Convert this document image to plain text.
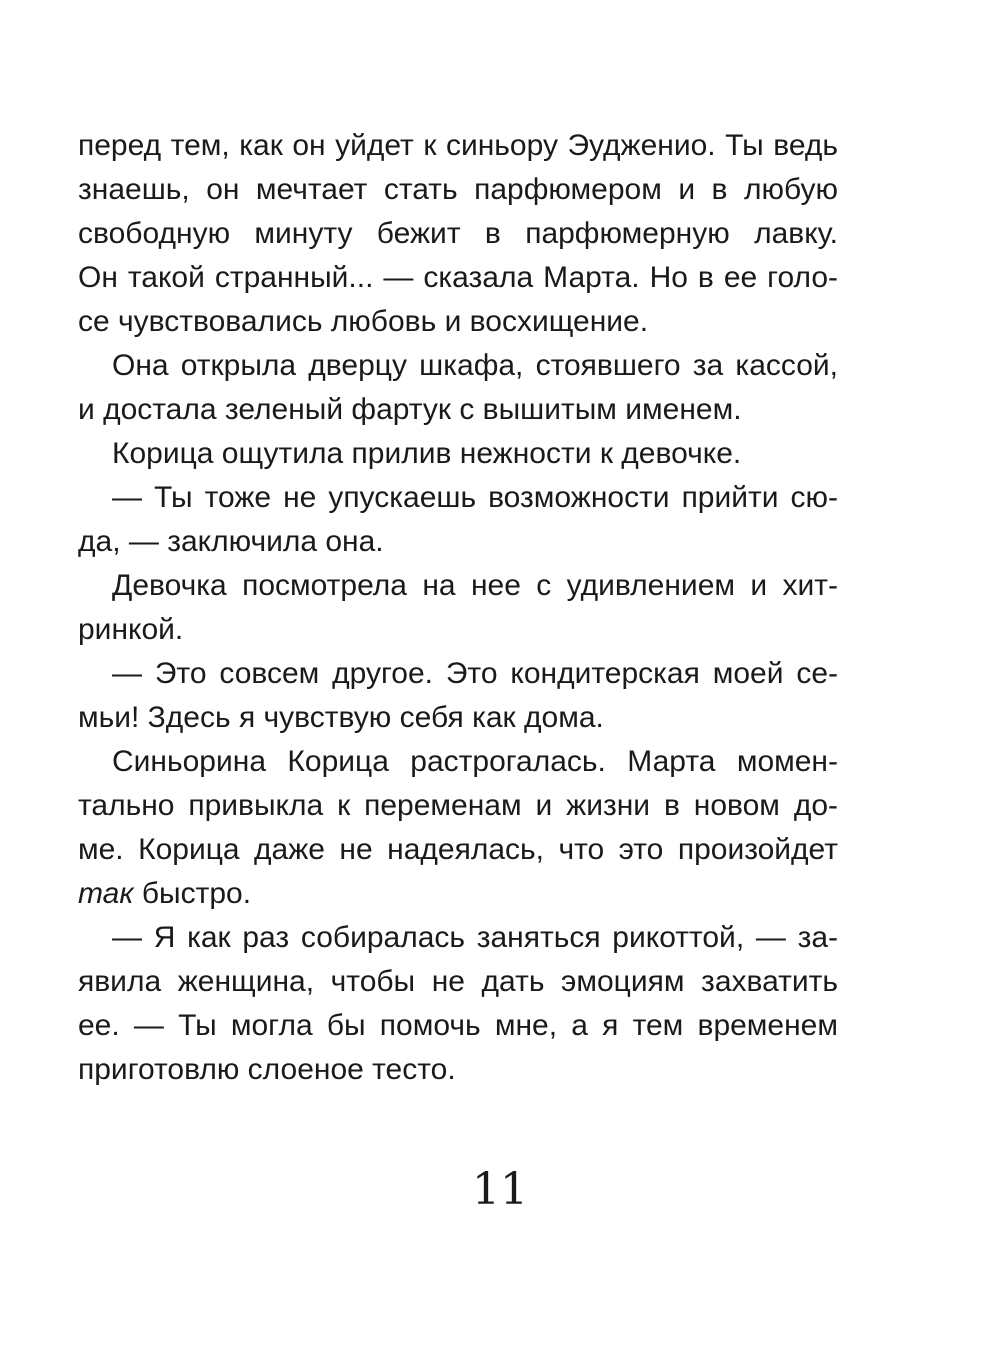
перед тем, как он уйдет к синьору Эудженио. Ты ведь
знаешь, он мечтает стать парфюмером и в любую
свободную минуту бежит в парфюмерную лавку.
Он такой странный... — сказала Марта. Но в ее голо-
се чувствовались любовь и восхищение.
Она открыла дверцу шкафа, стоявшего за кассой,
и достала зеленый фартук с вышитым именем.
Корица ощутила прилив нежности к девочке.
— Ты тоже не упускаешь возможности прийти сю-
да, — заключила она.
Девочка посмотрела на нее с удивлением и хит-
ринкой.
— Это совсем другое. Это кондитерская моей се-
мьи! Здесь я чувствую себя как дома.
Синьорина Корица растрогалась. Марта момен-
тально привыкла к переменам и жизни в новом до-
ме. Корица даже не надеялась, что это произойдет
так быстро.
— Я как раз собиралась заняться рикоттой, — за-
явила женщина, чтобы не дать эмоциям захватить
ее. — Ты могла бы помочь мне, а я тем временем
приготовлю слоеное тесто.
11
